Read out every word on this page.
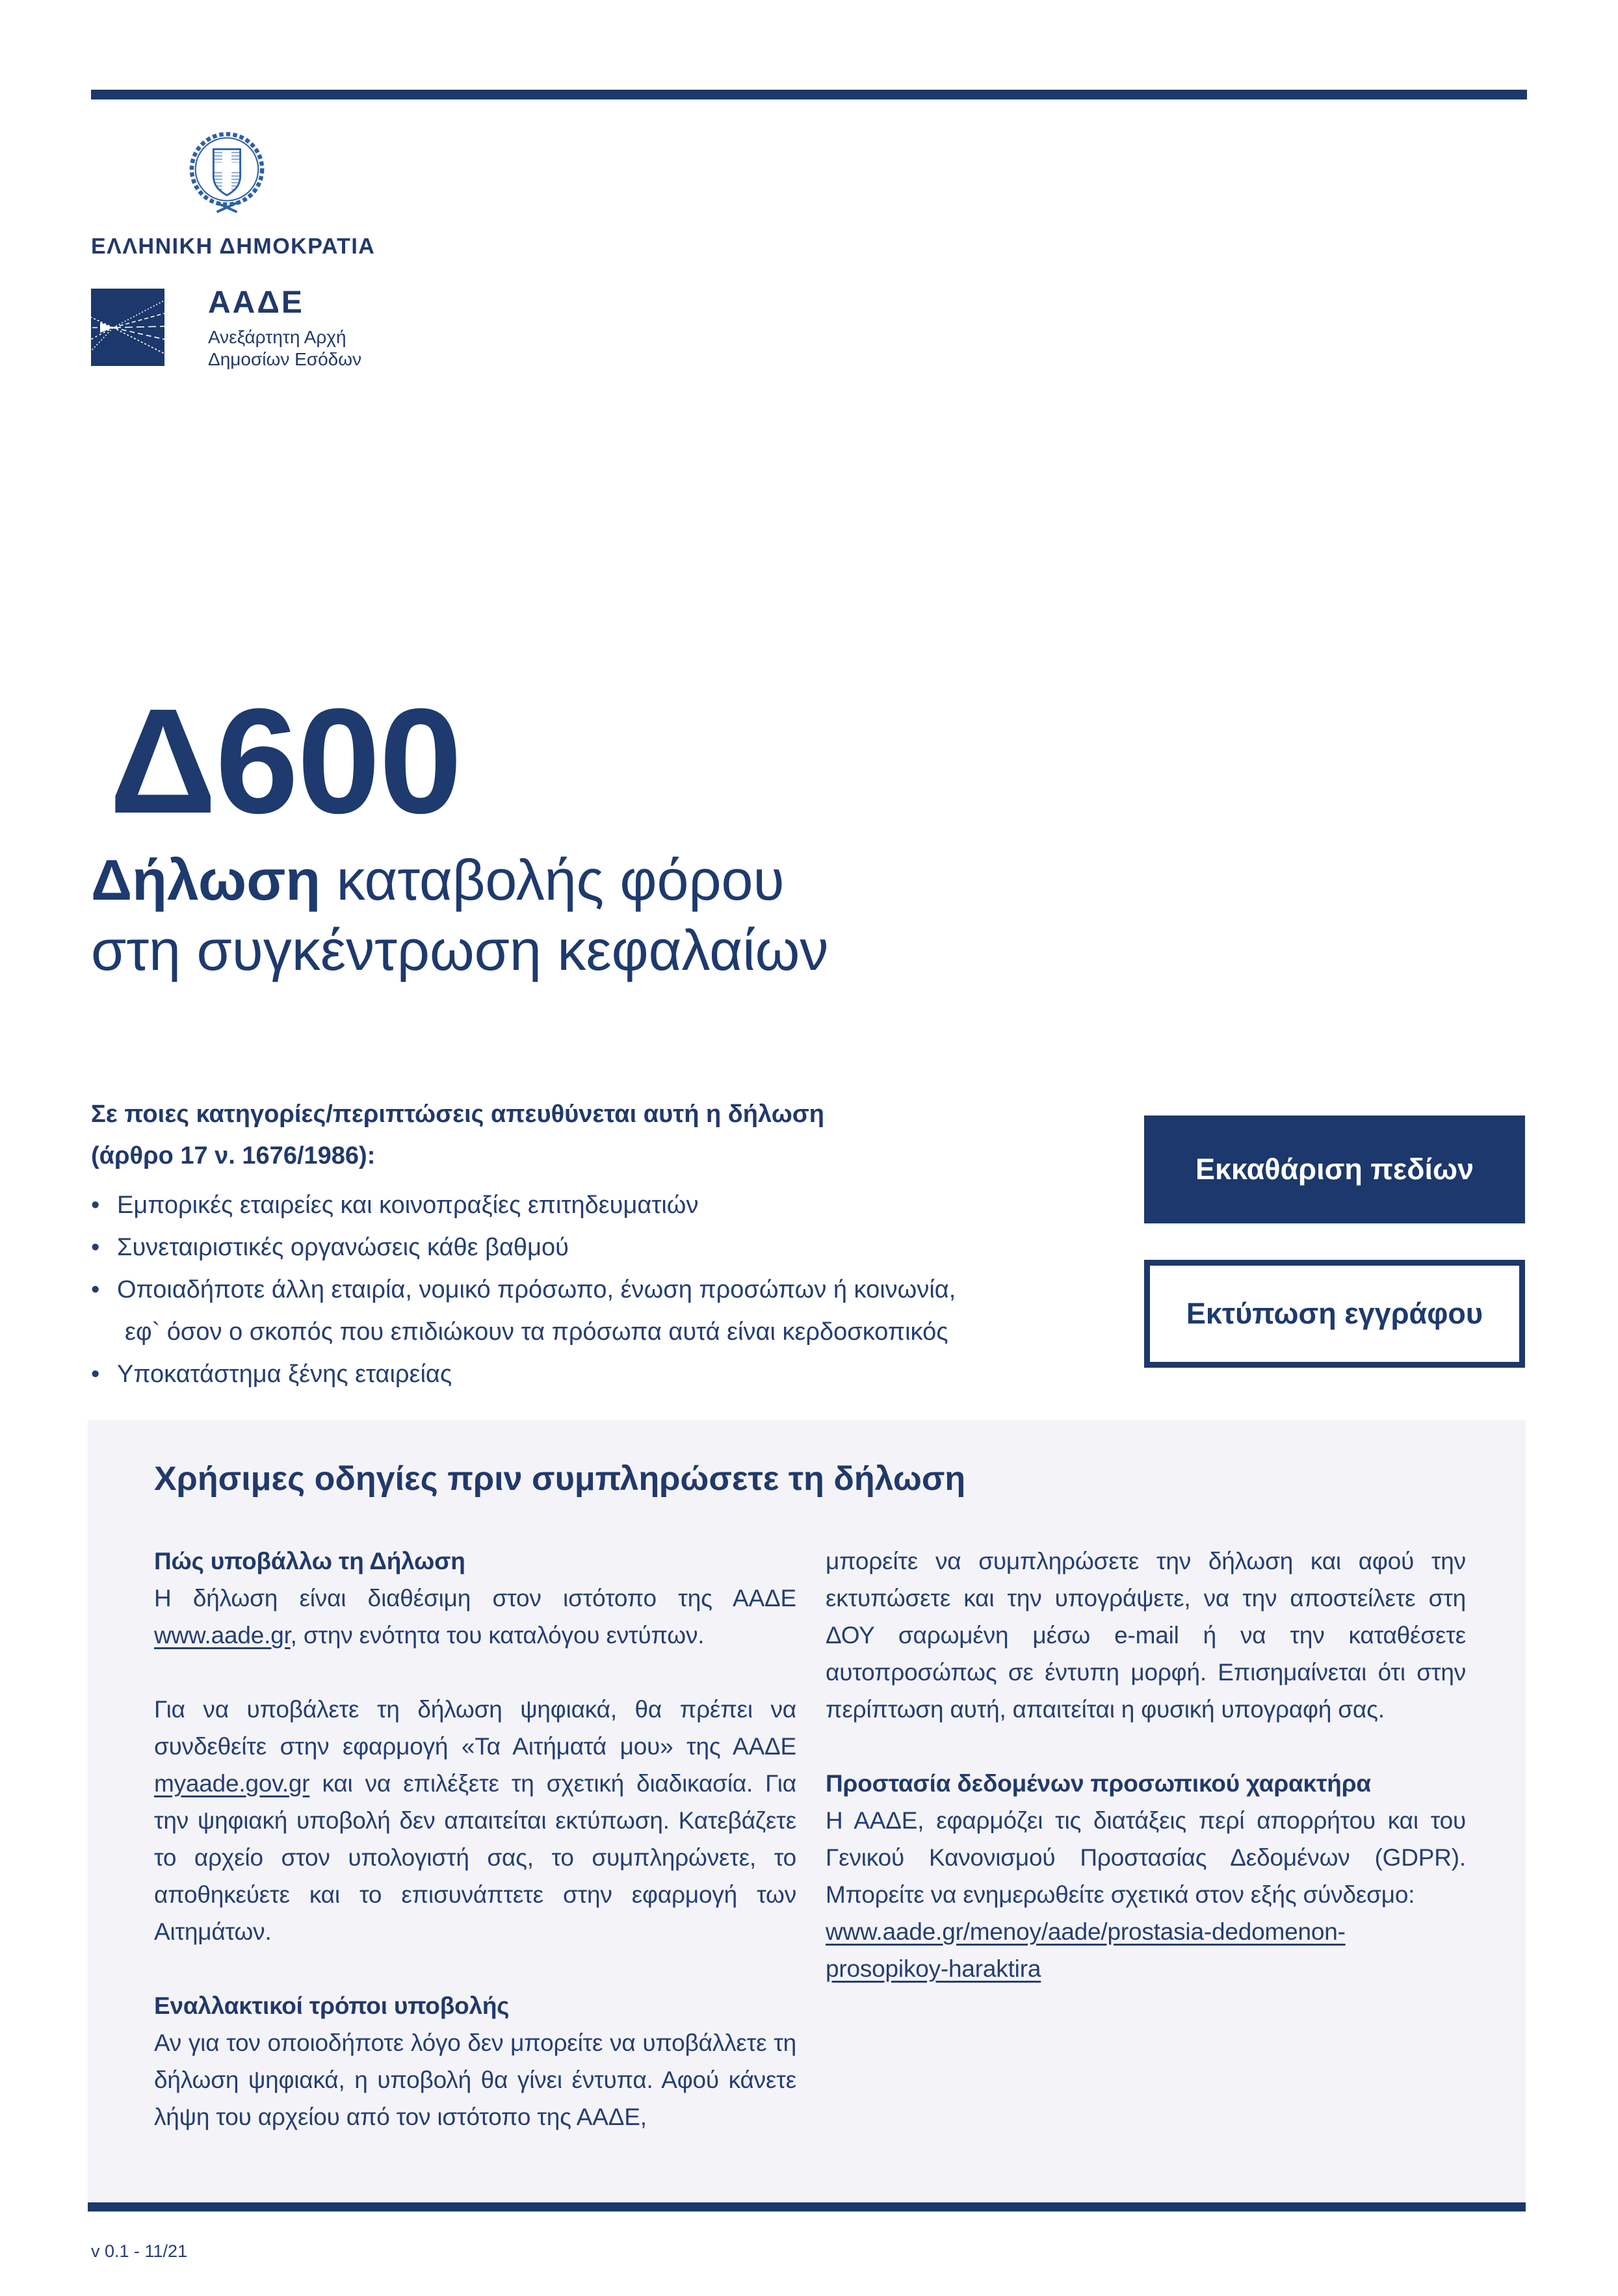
ΕΛΛΗΝΙΚΗ ΔΗΜΟΚΡΑΤΙΑ
ΑΑΔΕ
Ανεξάρτητη Αρχή
Δημοσίων Εσόδων
Δ600
Δήλωση καταβολής φόρου
στη συγκέντρωση κεφαλαίων
Σε ποιες κατηγορίες/περιπτώσεις απευθύνεται αυτή η δήλωση
(άρθρο 17 ν. 1676/1986):
• Εμπορικές εταιρείες και κοινοπραξίες επιτηδευματιών
• Συνεταιριστικές οργανώσεις κάθε βαθμού
• Οποιαδήποτε άλλη εταιρία, νομικό πρόσωπο, ένωση προσώπων ή κοινωνία,
εφ` όσον ο σκοπός που επιδιώκουν τα πρόσωπα αυτά είναι κερδοσκοπικός
• Υποκατάστημα ξένης εταιρείας
Εκκαθάριση πεδίων
Εκτύπωση εγγράφου
Χρήσιμες οδηγίες πριν συμπληρώσετε τη δήλωση
Πώς υποβάλλω τη Δήλωση

Η δήλωση είναι διαθέσιμη στον ιστότοπο της ΑΑΔΕ www.aade.gr, στην ενότητα του καταλόγου εντύπων.

Για να υποβάλετε τη δήλωση ψηφιακά, θα πρέπει να συνδεθείτε στην εφαρμογή «Τα Αιτήματά μου» της ΑΑΔΕ myaade.gov.gr και να επιλέξετε τη σχετική διαδικασία. Για την ψηφιακή υποβολή δεν απαιτείται εκτύπωση. Κατεβάζετε το αρχείο στον υπολογιστή σας, το συμπληρώνετε, το αποθηκεύετε και το επισυνάπτετε στην εφαρμογή των Αιτημάτων.

Εναλλακτικοί τρόποι υποβολής

Αν για τον οποιοδήποτε λόγο δεν μπορείτε να υποβάλλετε τη δήλωση ψηφιακά, η υποβολή θα γίνει έντυπα. Αφού κάνετε λήψη του αρχείου από τον ιστότοπο της ΑΑΔΕ,

μπορείτε να συμπληρώσετε την δήλωση και αφού την εκτυπώσετε και την υπογράψετε, να την αποστείλετε στη ΔΟΥ σαρωμένη μέσω e-mail ή να την καταθέσετε αυτοπροσώπως σε έντυπη μορφή. Επισημαίνεται ότι στην περίπτωση αυτή, απαιτείται η φυσική υπογραφή σας.

Προστασία δεδομένων προσωπικού χαρακτήρα

Η ΑΑΔΕ, εφαρμόζει τις διατάξεις περί απορρήτου και του Γενικού Κανονισμού Προστασίας Δεδομένων (GDPR). Μπορείτε να ενημερωθείτε σχετικά στον εξής σύνδεσμο:

www.aade.gr/menoy/aade/prostasia-dedomenon-prosopikoy-haraktira
v 0.1 - 11/21
